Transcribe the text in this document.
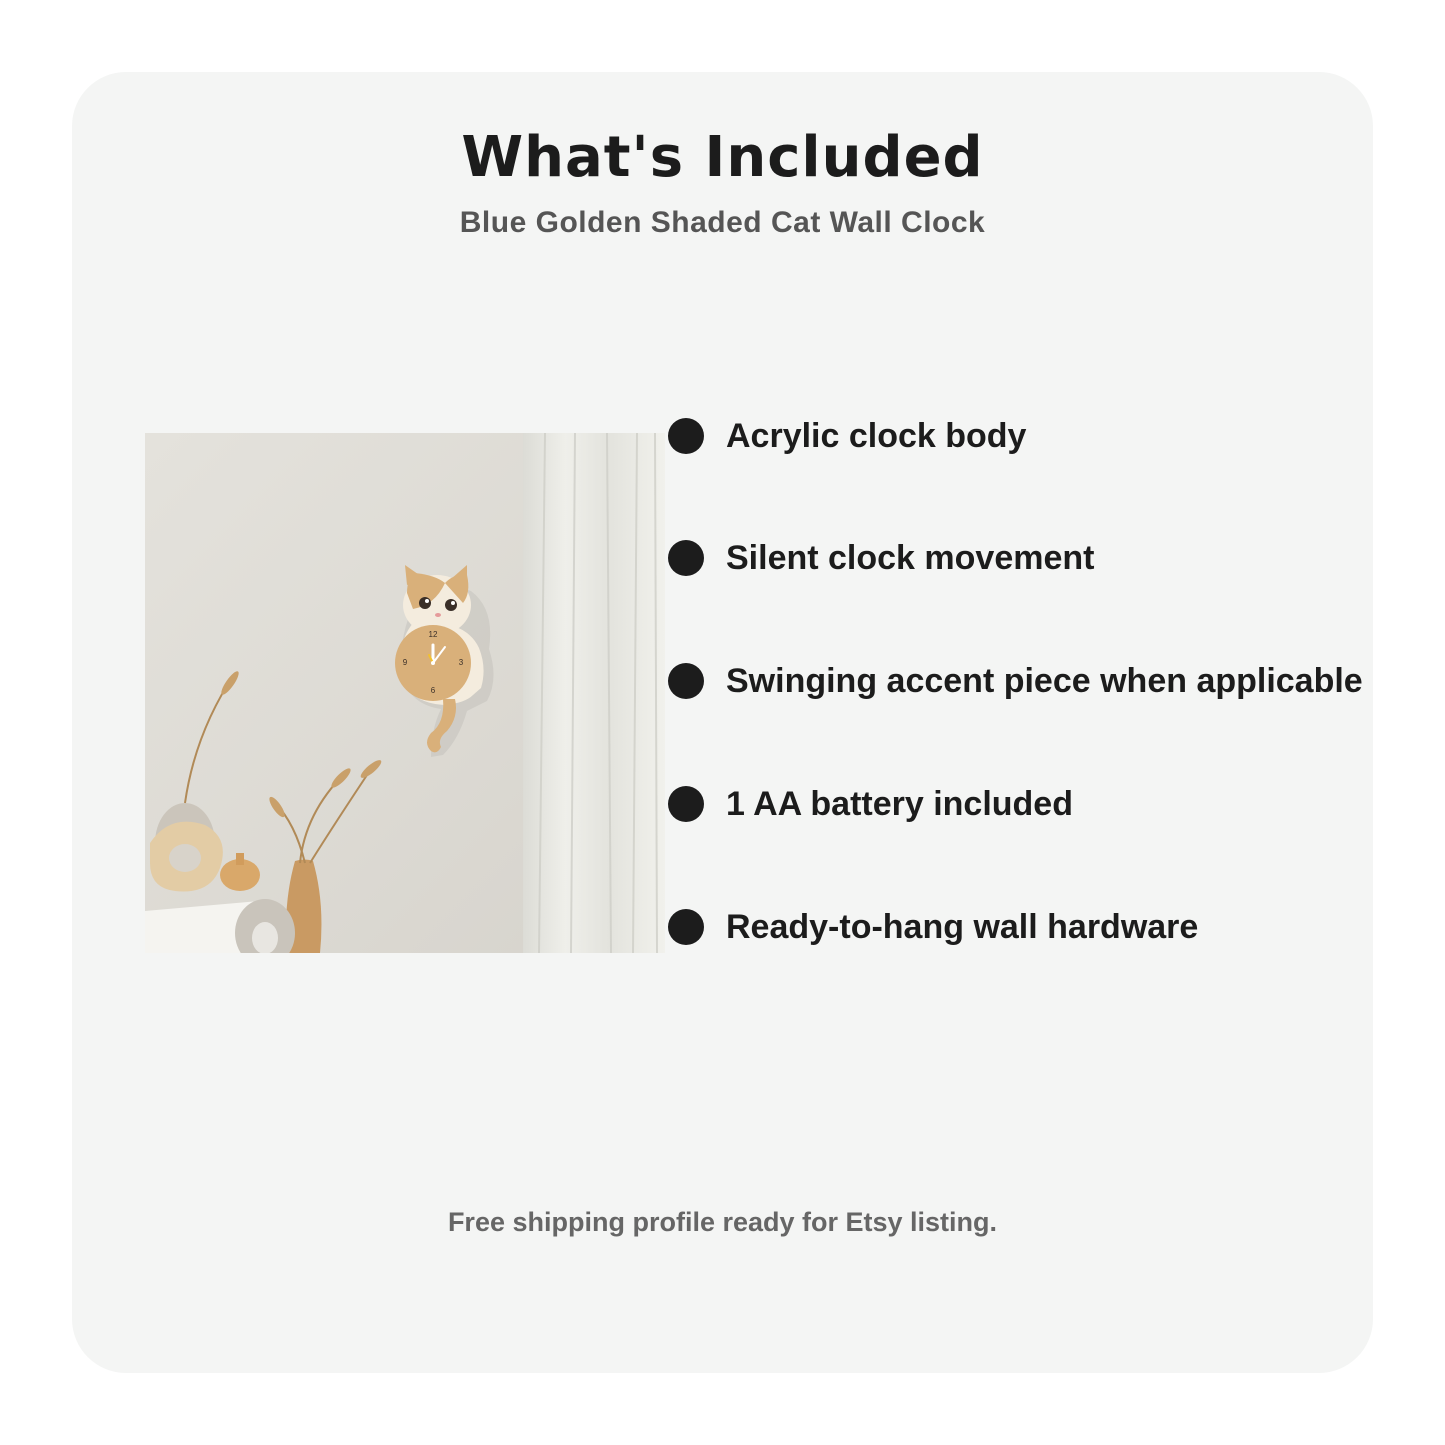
What's Included
Blue Golden Shaded Cat Wall Clock
12
3
6
9
Acrylic clock body
Silent clock movement
Swinging accent piece when applicable
1 AA battery included
Ready-to-hang wall hardware
Free shipping profile ready for Etsy listing.
